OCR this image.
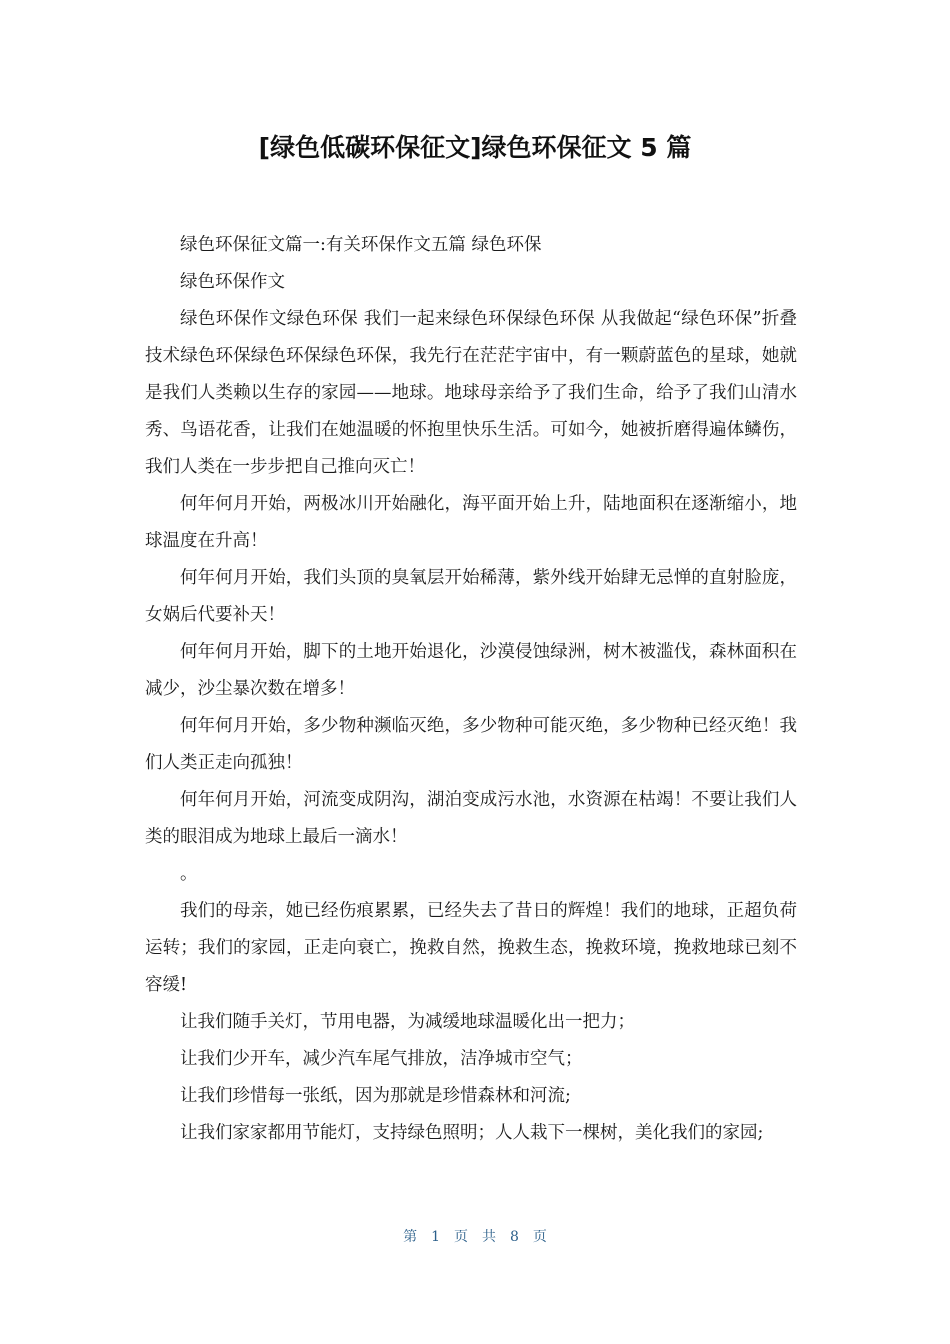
[绿色低碳环保征文]绿色环保征文 5 篇

绿色环保征文篇一:有关环保作文五篇 绿色环保

绿色环保作文

绿色环保作文绿色环保 我们一起来绿色环保绿色环保 从我做起“绿色环保”折叠技术绿色环保绿色环保绿色环保，我先行在茫茫宇宙中，有一颗蔚蓝色的星球，她就是我们人类赖以生存的家园——地球。地球母亲给予了我们生命，给予了我们山清水秀、鸟语花香，让我们在她温暖的怀抱里快乐生活。可如今，她被折磨得遍体鳞伤，我们人类在一步步把自己推向灭亡！

何年何月开始，两极冰川开始融化，海平面开始上升，陆地面积在逐渐缩小，地球温度在升高！

何年何月开始，我们头顶的臭氧层开始稀薄，紫外线开始肆无忌惮的直射脸庞，女娲后代要补天！

何年何月开始，脚下的土地开始退化，沙漠侵蚀绿洲，树木被滥伐，森林面积在减少，沙尘暴次数在增多！

何年何月开始，多少物种濒临灭绝，多少物种可能灭绝，多少物种已经灭绝！我们人类正走向孤独！

何年何月开始，河流变成阴沟，湖泊变成污水池，水资源在枯竭！不要让我们人类的眼泪成为地球上最后一滴水！

。

我们的母亲，她已经伤痕累累，已经失去了昔日的辉煌！我们的地球，正超负荷运转；我们的家园，正走向衰亡，挽救自然，挽救生态，挽救环境，挽救地球已刻不容缓!

让我们随手关灯，节用电器，为减缓地球温暖化出一把力；

让我们少开车，减少汽车尾气排放，洁净城市空气；

让我们珍惜每一张纸，因为那就是珍惜森林和河流;

让我们家家都用节能灯，支持绿色照明；人人栽下一棵树，美化我们的家园;

第 1 页共8 页
